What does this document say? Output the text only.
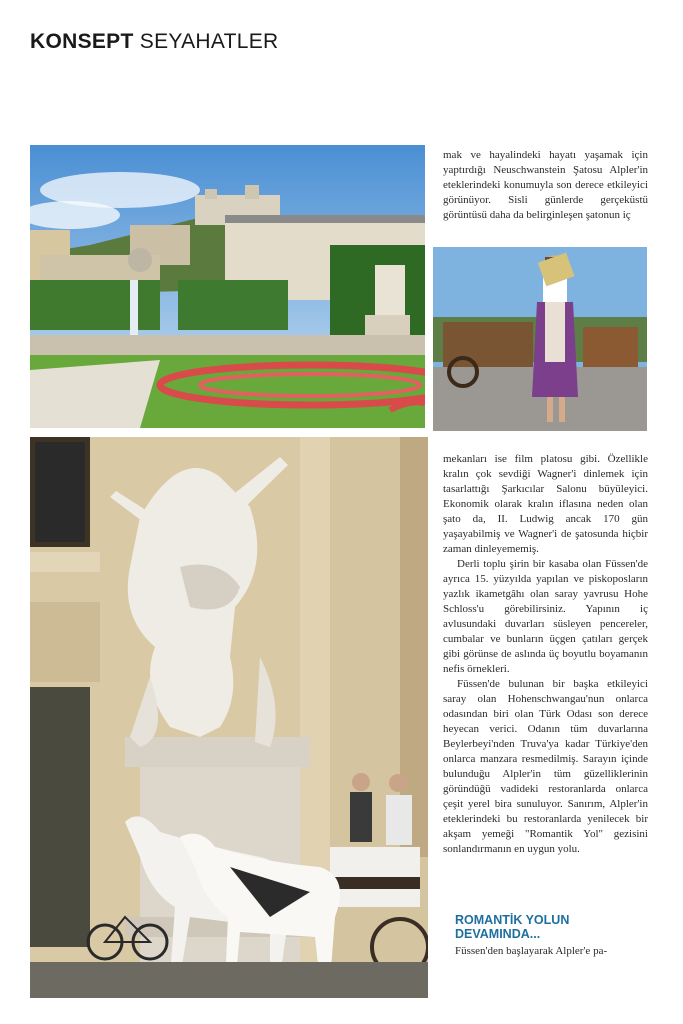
KONSEPT SEYAHATLER

mak ve hayalindeki hayatı yaşamak için yaptırdığı Neuschwanstein Şatosu Alpler'in eteklerindeki konumuyla son derece etkileyici görünüyor. Sisli günlerde gerçeküstü görüntüsü daha da belirginleşen şatonun iç

mekanları ise film platosu gibi. Özellikle kralın çok sevdiği Wagner'i dinlemek için tasarlattığı Şarkıcılar Salonu büyüleyici. Ekonomik olarak kralın iflasına neden olan şato da, II. Ludwig ancak 170 gün yaşayabilmiş ve Wagner'i de şatosunda hiçbir zaman dinleyememiş.

Derli toplu şirin bir kasaba olan Füssen'de ayrıca 15. yüzyılda yapılan ve piskoposların yazlık ikametgâhı olan saray yavrusu Hohe Schloss'u görebilirsiniz. Yapının iç avlusundaki duvarları süsleyen pencereler, cumbalar ve bunların üçgen çatıları gerçek gibi görünse de aslında üç boyutlu boyamanın nefis örnekleri.

Füssen'de bulunan bir başka etkileyici saray olan Hohenschwangau'nun onlarca odasından biri olan Türk Odası son derece heyecan verici. Odanın tüm duvarlarına Beylerbeyi'nden Truva'ya kadar Türkiye'den onlarca manzara resmedilmiş. Sarayın içinde bulunduğu Alpler'in tüm güzelliklerinin göründüğü vadideki restoranlarda onlarca çeşit yerel bira sunuluyor. Sanırım, Alpler'in eteklerindeki bu restoranlarda yenilecek bir akşam yemeği "Romantik Yol" gezisini sonlandırmanın en uygun yolu.

ROMANTİK YOLUN
DEVAMINDA...
Füssen'den başlayarak Alpler'e pa-
